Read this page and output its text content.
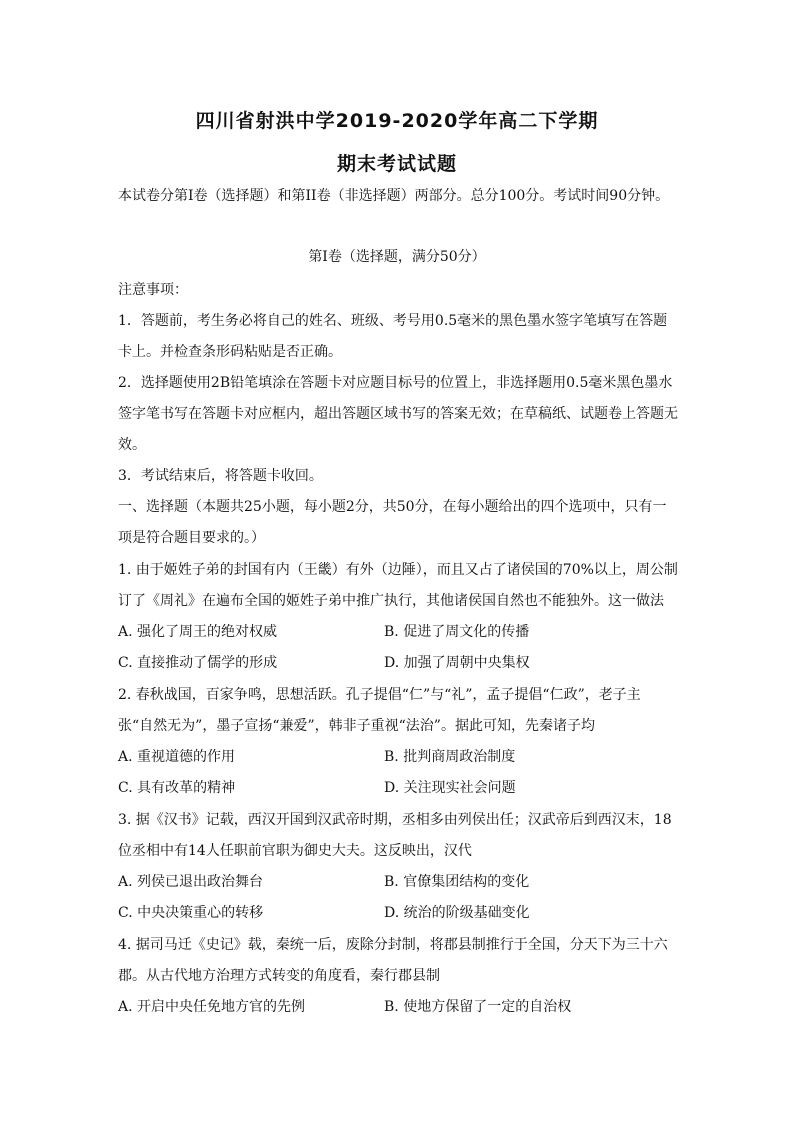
四川省射洪中学2019-2020学年高二下学期
期末考试试题
本试卷分第I卷（选择题）和第II卷（非选择题）两部分。总分100分。考试时间90分钟。
第Ⅰ卷（选择题，满分50分）
注意事项：
1．答题前，考生务必将自己的姓名、班级、考号用0.5毫米的黑色墨水签字笔填写在答题
卡上。并检查条形码粘贴是否正确。
2．选择题使用2B铅笔填涂在答题卡对应题目标号的位置上，非选择题用0.5毫米黑色墨水
签字笔书写在答题卡对应框内，超出答题区域书写的答案无效；在草稿纸、试题卷上答题无
效。
3．考试结束后，将答题卡收回。
一、选择题（本题共25小题，每小题2分，共50分，在每小题给出的四个选项中，只有一
项是符合题目要求的。）
1. 由于姬姓子弟的封国有内（王畿）有外（边陲），而且又占了诸侯国的70%以上，周公制
订了《周礼》在遍布全国的姬姓子弟中推广执行，其他诸侯国自然也不能独外。这一做法
A. 强化了周王的绝对权威	B. 促进了周文化的传播
C. 直接推动了儒学的形成	D. 加强了周朝中央集权
2. 春秋战国，百家争鸣，思想活跃。孔子提倡“仁”与“礼”，孟子提倡“仁政”，老子主
张“自然无为”，墨子宣扬“兼爱”，韩非子重视“法治”。据此可知，先秦诸子均
A. 重视道德的作用	B. 批判商周政治制度
C. 具有改革的精神	D. 关注现实社会问题
3. 据《汉书》记载，西汉开国到汉武帝时期，丞相多由列侯出任；汉武帝后到西汉末，18
位丞相中有14人任职前官职为御史大夫。这反映出，汉代
A. 列侯已退出政治舞台	B. 官僚集团结构的变化
C. 中央决策重心的转移	D. 统治的阶级基础变化
4. 据司马迁《史记》载，秦统一后，废除分封制，将郡县制推行于全国，分天下为三十六
郡。从古代地方治理方式转变的角度看，秦行郡县制
A. 开启中央任免地方官的先例	B. 使地方保留了一定的自治权
